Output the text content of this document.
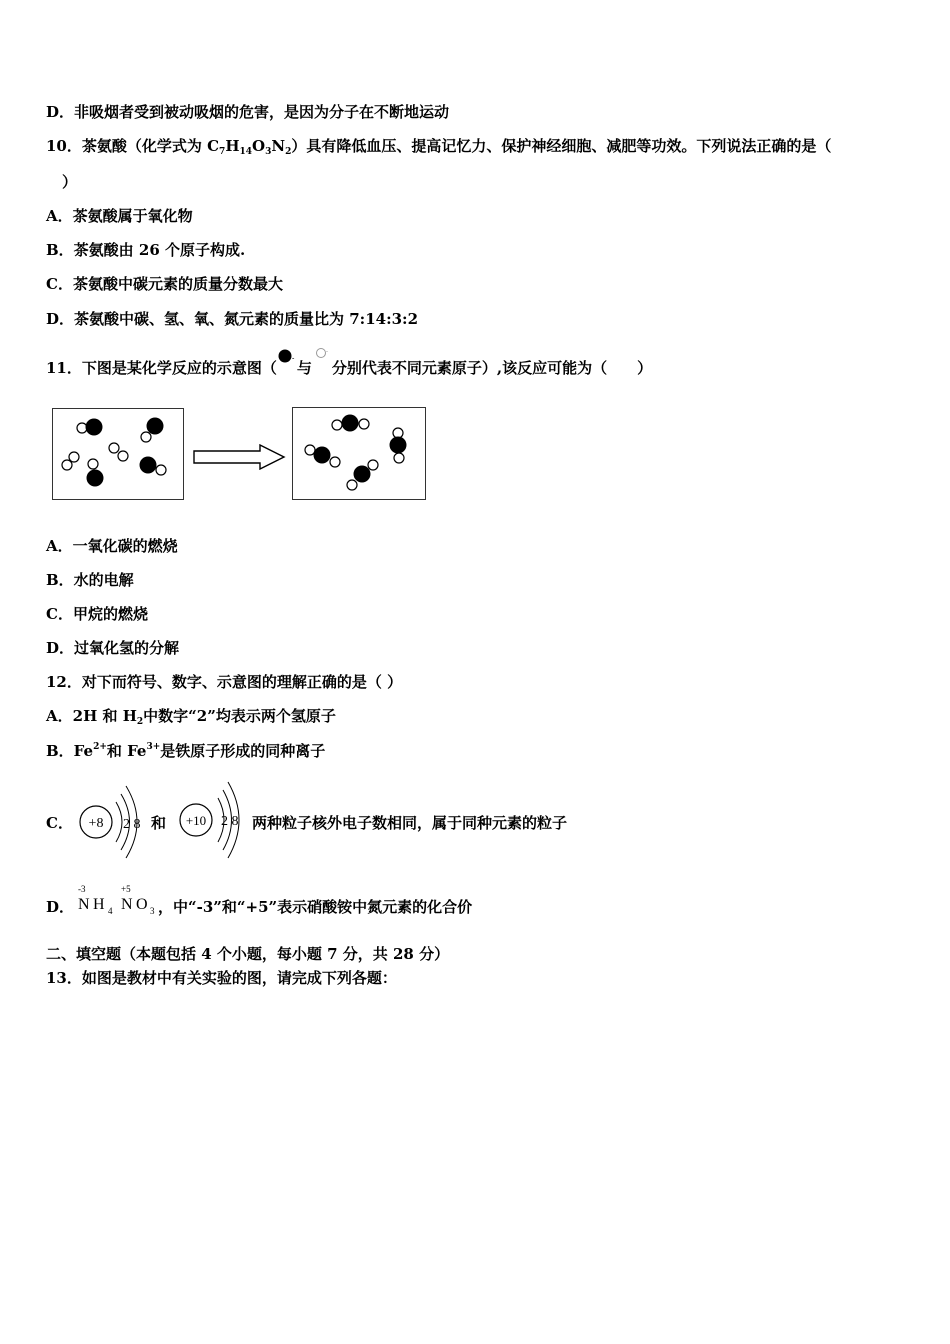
D．非吸烟者受到被动吸烟的危害，是因为分子在不断地运动
10．茶氨酸（化学式为 $C_7H_{14}O_3N_2$）具有降低血压、提高记忆力、保护神经细胞、减肥等功效。下列说法正确的是（
）
A．茶氨酸属于氧化物
B．茶氨酸由 26 个原子构成.
C．茶氨酸中碳元素的质量分数最大
D．茶氨酸中碳、氢、氧、氮元素的质量比为 7:14:3:2
11．下图是某化学反应的示意图（
-
与
-
分别代表不同元素原子）,该反应可能为（　　）
A．一氧化碳的燃烧
B．水的电解
C．甲烷的燃烧
D．过氧化氢的分解
12．对下而符号、数字、示意图的理解正确的是（ ）
A．2H 和 $H_2$中数字“2”均表示两个氢原子
B．$Fe^{2+}$和 $Fe^{3+}$是铁原子形成的同种离子
C． +8 2 8 和 +10 2 8 两种粒子核外电子数相同，属于同种元素的粒子
D．
-3	+5
N H 4 N O 3 ，中“-3”和“+5”表示硝酸铵中氮元素的化合价
二、填空题（本题包括 4 个小题，每小题 7 分，共 28 分）
13．如图是教材中有关实验的图，请完成下列各题：
